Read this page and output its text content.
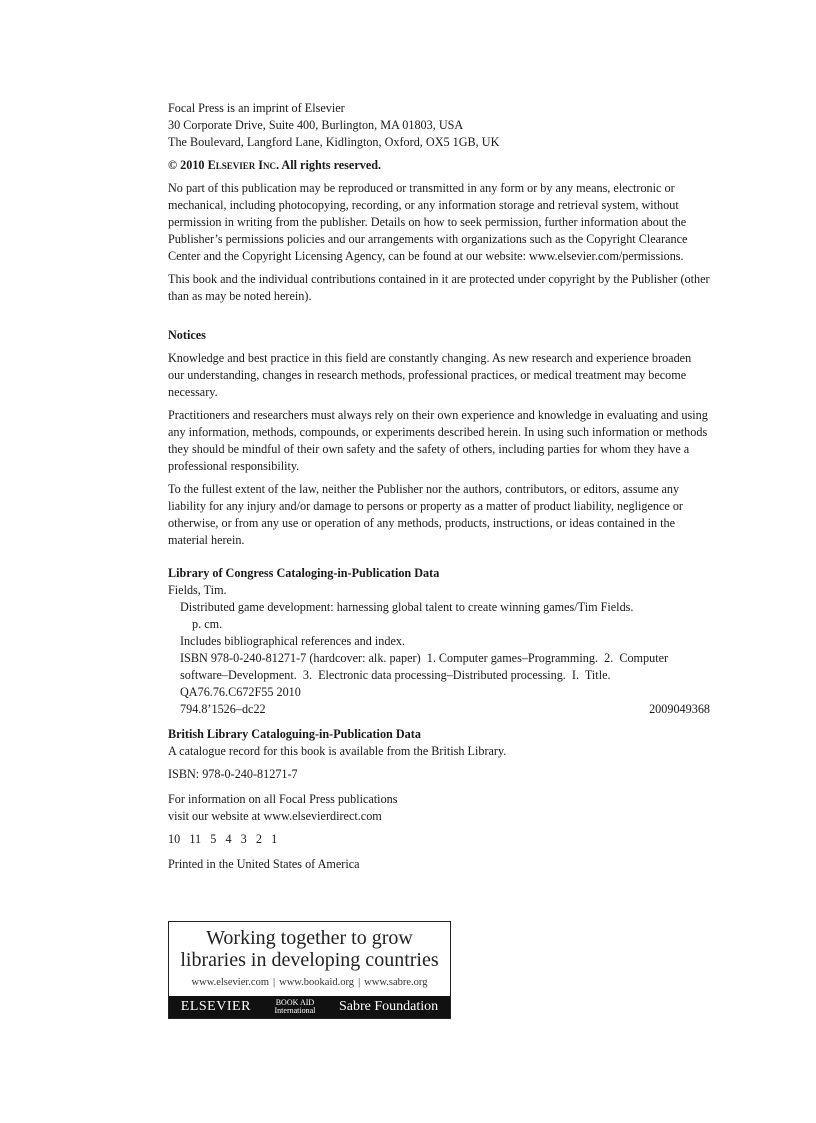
Focal Press is an imprint of Elsevier
30 Corporate Drive, Suite 400, Burlington, MA 01803, USA
The Boulevard, Langford Lane, Kidlington, Oxford, OX5 1GB, UK
© 2010 Elsevier Inc. All rights reserved.

No part of this publication may be reproduced or transmitted in any form or by any means, electronic or mechanical, including photocopying, recording, or any information storage and retrieval system, without permission in writing from the publisher. Details on how to seek permission, further information about the Publisher’s permissions policies and our arrangements with organizations such as the Copyright Clearance Center and the Copyright Licensing Agency, can be found at our website: www.elsevier.com/permissions.

This book and the individual contributions contained in it are protected under copyright by the Publisher (other than as may be noted herein).

Notices

Knowledge and best practice in this field are constantly changing. As new research and experience broaden our understanding, changes in research methods, professional practices, or medical treatment may become necessary.

Practitioners and researchers must always rely on their own experience and knowledge in evaluating and using any information, methods, compounds, or experiments described herein. In using such information or methods they should be mindful of their own safety and the safety of others, including parties for whom they have a professional responsibility.

To the fullest extent of the law, neither the Publisher nor the authors, contributors, or editors, assume any liability for any injury and/or damage to persons or property as a matter of product liability, negligence or otherwise, or from any use or operation of any methods, products, instructions, or ideas contained in the material herein.

Library of Congress Cataloging-in-Publication Data
Fields, Tim.
Distributed game development: harnessing global talent to create winning games/Tim Fields.
p. cm.
Includes bibliographical references and index.
ISBN 978-0-240-81271-7 (hardcover: alk. paper)  1. Computer games–Programming.  2.  Computer
software–Development.  3.  Electronic data processing–Distributed processing.  I.  Title.
QA76.76.C672F55 2010
794.8’1526–dc22	2009049368
British Library Cataloguing-in-Publication Data
A catalogue record for this book is available from the British Library.
ISBN: 978-0-240-81271-7
For information on all Focal Press publications
visit our website at www.elsevierdirect.com
10   11   5   4   3   2   1
Printed in the United States of America
Working together to grow
libraries in developing countries
www.elsevier.com | www.bookaid.org | www.sabre.org
ELSEVIER	BOOK AID
International Sabre Foundation
